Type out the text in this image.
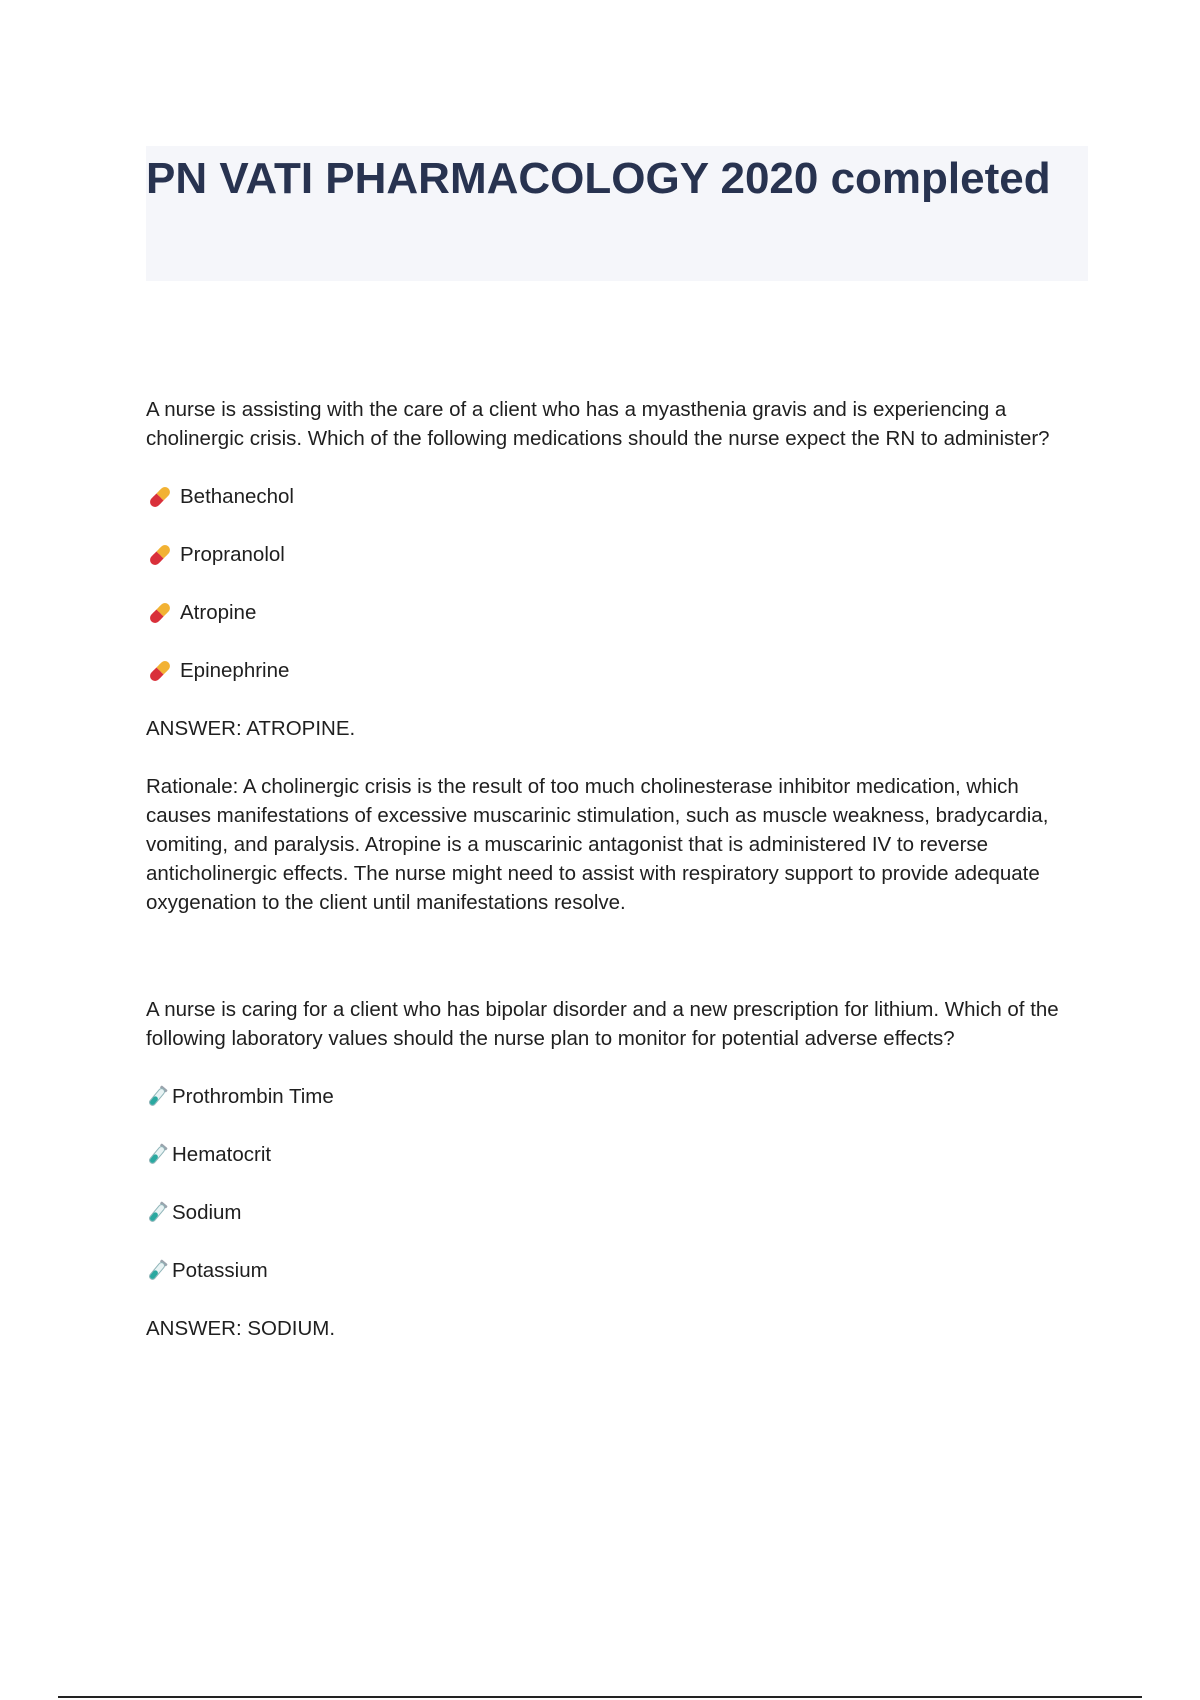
PN VATI PHARMACOLOGY 2020 completed

A nurse is assisting with the care of a client who has a myasthenia gravis and is experiencing a cholinergic crisis. Which of the following medications should the nurse expect the RN to administer?

Bethanechol
Propranolol
Atropine
Epinephrine
ANSWER: ATROPINE.

Rationale: A cholinergic crisis is the result of too much cholinesterase inhibitor medication, which causes manifestations of excessive muscarinic stimulation, such as muscle weakness, bradycardia, vomiting, and paralysis. Atropine is a muscarinic antagonist that is administered IV to reverse anticholinergic effects. The nurse might need to assist with respiratory support to provide adequate oxygenation to the client until manifestations resolve.

A nurse is caring for a client who has bipolar disorder and a new prescription for lithium. Which of the following laboratory values should the nurse plan to monitor for potential adverse effects?

Prothrombin Time
Hematocrit
Sodium
Potassium
ANSWER: SODIUM.
